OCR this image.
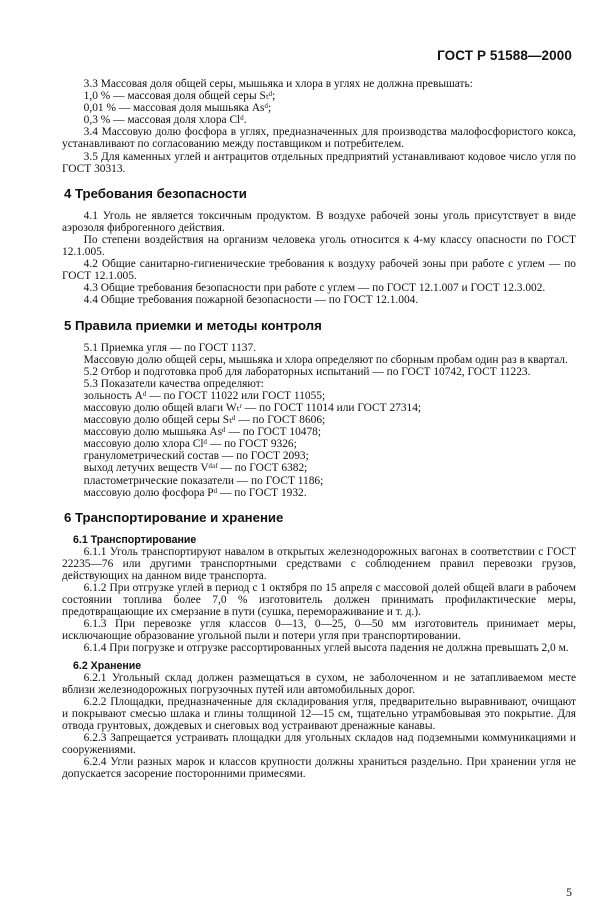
ГОСТ Р 51588—2000

3.3 Массовая доля общей серы, мышьяка и хлора в углях не должна превышать:

1,0 % — массовая доля общей серы Sₜᵈ;

0,01 % — массовая доля мышьяка Asᵈ;

0,3 % — массовая доля хлора Clᵈ.

3.4 Массовую долю фосфора в углях, предназначенных для производства малофосфористого кокса, устанавливают по согласованию между поставщиком и потребителем.

3.5 Для каменных углей и антрацитов отдельных предприятий устанавливают кодовое число угля по ГОСТ 30313.

4 Требования безопасности

4.1 Уголь не является токсичным продуктом. В воздухе рабочей зоны уголь присутствует в виде аэрозоля фиброгенного действия.

По степени воздействия на организм человека уголь относится к 4-му классу опасности по ГОСТ 12.1.005.

4.2 Общие санитарно-гигиенические требования к воздуху рабочей зоны при работе с углем — по ГОСТ 12.1.005.

4.3 Общие требования безопасности при работе с углем — по ГОСТ 12.1.007 и ГОСТ 12.3.002.

4.4 Общие требования пожарной безопасности — по ГОСТ 12.1.004.

5 Правила приемки и методы контроля

5.1 Приемка угля — по ГОСТ 1137.

Массовую долю общей серы, мышьяка и хлора определяют по сборным пробам один раз в квартал.

5.2 Отбор и подготовка проб для лабораторных испытаний — по ГОСТ 10742, ГОСТ 11223.

5.3 Показатели качества определяют:

зольность Aᵈ — по ГОСТ 11022 или ГОСТ 11055;

массовую долю общей влаги Wₜʳ — по ГОСТ 11014 или ГОСТ 27314;

массовую долю общей серы Sₜᵈ — по ГОСТ 8606;

массовую долю мышьяка Asᵈ — по ГОСТ 10478;

массовую долю хлора Clᵈ — по ГОСТ 9326;

гранулометрический состав — по ГОСТ 2093;

выход летучих веществ Vᵈᵃᶠ — по ГОСТ 6382;

пластометрические показатели — по ГОСТ 1186;

массовую долю фосфора Pᵈ — по ГОСТ 1932.

6 Транспортирование и хранение
6.1 Транспортирование

6.1.1 Уголь транспортируют навалом в открытых железнодорожных вагонах в соответствии с ГОСТ 22235—76 или другими транспортными средствами с соблюдением правил перевозки грузов, действующих на данном виде транспорта.

6.1.2 При отгрузке углей в период с 1 октября по 15 апреля с массовой долей общей влаги в рабочем состоянии топлива более 7,0 % изготовитель должен принимать профилактические меры, предотвращающие их смерзание в пути (сушка, перемораживание и т. д.).

6.1.3 При перевозке угля классов 0—13, 0—25, 0—50 мм изготовитель принимает меры, исключающие образование угольной пыли и потери угля при транспортировании.

6.1.4 При погрузке и отгрузке рассортированных углей высота падения не должна превышать 2,0 м.

6.2 Хранение

6.2.1 Угольный склад должен размещаться в сухом, не заболоченном и не затапливаемом месте вблизи железнодорожных погрузочных путей или автомобильных дорог.

6.2.2 Площадки, предназначенные для складирования угля, предварительно выравнивают, очищают и покрывают смесью шлака и глины толщиной 12—15 см, тщательно утрамбовывая это покрытие. Для отвода грунтовых, дождевых и снеговых вод устраивают дренажные канавы.

6.2.3 Запрещается устраивать площадки для угольных складов над подземными коммуникациями и сооружениями.

6.2.4 Угли разных марок и классов крупности должны храниться раздельно. При хранении угля не допускается засорение посторонними примесями.

5
